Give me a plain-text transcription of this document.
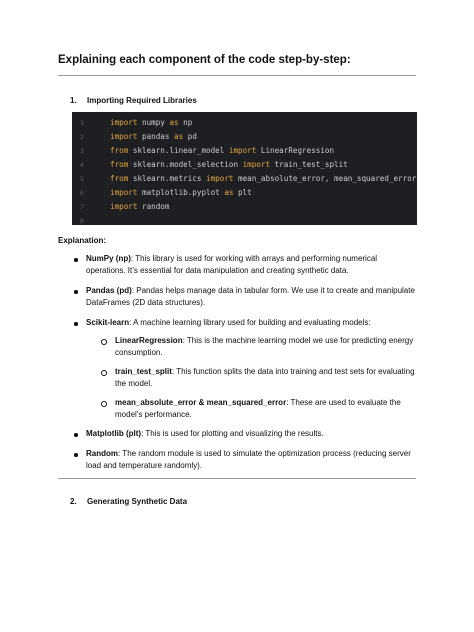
Explaining each component of the code step-by-step:
1. Importing Required Libraries
1	import numpy as np
2	import pandas as pd
3	from sklearn.linear_model import LinearRegression
4	from sklearn.model_selection import train_test_split
5	from sklearn.metrics import mean_absolute_error, mean_squared_error
6	import matplotlib.pyplot as plt
7	import random
8
Explanation:
NumPy (np): This library is used for working with arrays and performing numerical operations. It’s essential for data manipulation and creating synthetic data.
Pandas (pd): Pandas helps manage data in tabular form. We use it to create and manipulate DataFrames (2D data structures).
Scikit-learn: A machine learning library used for building and evaluating models:
LinearRegression: This is the machine learning model we use for predicting energy consumption.
train_test_split: This function splits the data into training and test sets for evaluating the model.
mean_absolute_error & mean_squared_error: These are used to evaluate the model’s performance.
Matplotlib (plt): This is used for plotting and visualizing the results.
Random: The random module is used to simulate the optimization process (reducing server load and temperature randomly).
2. Generating Synthetic Data
